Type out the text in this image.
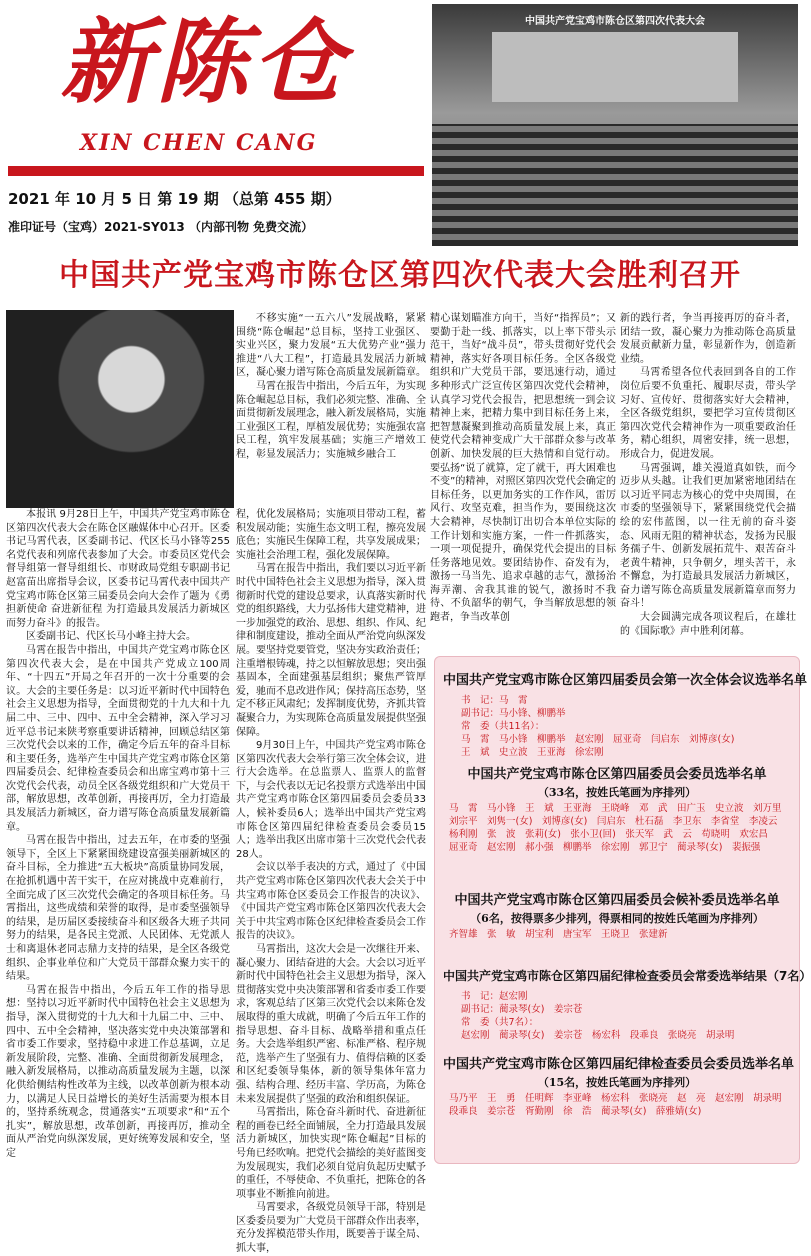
新陈仓
XIN CHEN CANG
2021 年 10 月 5 日 第 19 期 （总第 455 期）
准印证号（宝鸡）2021-SY013 （内部刊物 免费交流）
中国共产党宝鸡市陈仓区第四次代表大会
中国共产党宝鸡市陈仓区第四次代表大会胜利召开

本报讯 9月28日上午，中国共产党宝鸡市陈仓区第四次代表大会在陈仓区融媒体中心召开。区委书记马霄代表，区委副书记、代区长马小锋等255名党代表和列席代表参加了大会。市委员区党代会督导组第一督导组组长、市财政局党组专职副书记赵富苗出席指导会议，区委书记马霄代表中国共产党宝鸡市陈仓区第三届委员会向大会作了题为《勇担新使命 奋进新征程 为打造最具发展活力新城区而努力奋斗》的报告。

区委副书记、代区长马小峰主持大会。

马霄在报告中指出，中国共产党宝鸡市陈仓区第四次代表大会，是在中国共产党成立100周年、“十四五”开局之年召开的一次十分重要的会议。大会的主要任务是：以习近平新时代中国特色社会主义思想为指导，全面贯彻党的十九大和十九届二中、三中、四中、五中全会精神，深入学习习近平总书记来陕考察重要讲话精神，回顾总结区第三次党代会以来的工作，确定今后五年的奋斗目标和主要任务，选举产生中国共产党宝鸡市陈仓区第四届委员会、纪律检查委员会和出席宝鸡市第十三次党代会代表，动员全区各级党组织和广大党员干部，解放思想，改革创新，再接再厉，全力打造最具发展活力新城区，奋力谱写陈仓高质量发展新篇章。

马霄在报告中指出，过去五年，在市委的坚强领导下，全区上下紧紧围绕建设富强美丽新城区的奋斗目标，全力推进“五大板块”高质量协同发展，在抢抓机遇中苦干实干，在应对挑战中克难前行，全面完成了区三次党代会确定的各项目标任务。马霄指出，这些成绩和荣誉的取得，是市委坚强领导的结果，是历届区委接续奋斗和区级各大班子共同努力的结果，是各民主党派、人民团体、无党派人士和离退休老同志鼎力支持的结果，是全区各级党组织、企事业单位和广大党员干部群众聚力实干的结果。

马霄在报告中指出，今后五年工作的指导思想：坚持以习近平新时代中国特色社会主义思想为指导，深入贯彻党的十九大和十九届二中、三中、四中、五中全会精神，坚决落实党中央决策部署和省市委工作要求，坚持稳中求进工作总基调，立足新发展阶段，完整、准确、全面贯彻新发展理念，融入新发展格局，以推动高质量发展为主题，以深化供给侧结构性改革为主线，以改革创新为根本动力，以满足人民日益增长的美好生活需要为根本目的，坚持系统观念，贯通落实“五项要求”和“五个扎实”，解放思想，改革创新，再接再厉，推动全面从严治党向纵深发展，更好统筹发展和安全，坚定

不移实施“一五六八”发展战略，紧紧围绕“陈仓崛起”总目标，坚持工业强区、实业兴区，聚力发展“五大优势产业”强力推进“八大工程”，打造最具发展活力新城区，凝心聚力谱写陈仓高质量发展新篇章。

马霄在报告中指出，今后五年，为实现陈仓崛起总目标，我们必须完整、准确、全面贯彻新发展理念，融入新发展格局，实施工业强区工程，厚植发展优势；实施强农富民工程，筑牢发展基础；实施三产增效工程，彰显发展活力；实施城乡融合工

程，优化发展格局；实施项目带动工程，蓄积发展动能；实施生态文明工程，擦亮发展底色；实施民生保障工程，共享发展成果；实施社会治理工程，强化发展保障。

马霄在报告中指出，我们要以习近平新时代中国特色社会主义思想为指导，深入贯彻新时代党的建设总要求，认真落实新时代党的组织路线，大力弘扬伟大建党精神，进一步加强党的政治、思想、组织、作风、纪律和制度建设，推动全面从严治党向纵深发展。要坚持党要管党，坚决夯实政治责任；注重增根铸魂，持之以恒解放思想；突出强基固本，全面建强基层组织；聚焦严管厚爱，驰而不息改进作风；保持高压态势，坚定不移正风肃纪；发挥制度优势，齐抓共管凝聚合力，为实现陈仓高质量发展提供坚强保障。

9月30日上午，中国共产党宝鸡市陈仓区第四次代表大会举行第三次全体会议，进行大会选举。在总监票人、监票人的监督下，与会代表以无记名投票方式选举出中国共产党宝鸡市陈仓区第四届委员会委员33人，候补委员6人；选举出中国共产党宝鸡市陈仓区第四届纪律检查委员会委员15人；选举出我区出席市第十三次党代会代表28人。

会议以举手表决的方式，通过了《中国共产党宝鸡市陈仓区第四次代表大会关于中共宝鸡市陈仓区委员会工作报告的决议》、《中国共产党宝鸡市陈仓区第四次代表大会关于中共宝鸡市陈仓区纪律检查委员会工作报告的决议》。

马霄指出，这次大会是一次继往开来、凝心聚力、团结奋进的大会。大会以习近平新时代中国特色社会主义思想为指导，深入贯彻落实党中央决策部署和省委市委工作要求，客观总结了区第三次党代会以来陈仓发展取得的重大成就，明确了今后五年工作的指导思想、奋斗目标、战略举措和重点任务。大会选举组织严密、标准严格、程序规范，选举产生了坚强有力、值得信赖的区委和区纪委领导集体，新的领导集体年富力强、结构合理、经历丰富、学历高，为陈仓未来发展提供了坚强的政治和组织保证。

马霄指出，陈仓奋斗新时代、奋进新征程的画卷已经全面铺展，全力打造最具发展活力新城区，加快实现“陈仓崛起”目标的号角已经吹响。把党代会描绘的美好蓝图变为发展现实，我们必须自觉肩负起历史赋予的重任，不辱使命、不负重托，把陈仓的各项事业不断推向前进。

马霄要求，各级党员领导干部，特别是区委委员要为广大党员干部群众作出表率，充分发挥模范带头作用，既要善于谋全局、抓大事，

精心谋划瞄准方向干，当好“指挥员”；又要勤于赴一线、抓落实，以上率下带头示范干，当好“战斗员”，带头贯彻好党代会精神，落实好各项目标任务。全区各级党组织和广大党员干部，要迅速行动，通过多种形式广泛宣传区第四次党代会精神，认真学习党代会报告，把思想统一到会议精神上来，把精力集中到目标任务上来，把智慧凝聚到推动高质量发展上来，真正使党代会精神变成广大干部群众参与改革创新、加快发展的巨大热情和自觉行动。要弘扬“说了就算，定了就干，再大困难也不变”的精神，对照区第四次党代会确定的目标任务，以更加务实的工作作风，雷厉风行、攻坚克难，担当作为，要围绕这次大会精神，尽快制订出切合本单位实际的工作计划和实施方案，一件一件抓落实，一项一项促提升，确保党代会提出的目标任务落地见效。要团结协作、奋发有为，激扬一马当先、追求卓越的志气，激扬治海弄潮、舍我其谁的锐气，激扬时不我待、不负韶华的朝气，争当解放思想的领跑者，争当改革创

新的践行者，争当再接再厉的奋斗者，团结一致，凝心聚力为推动陈仓高质量发展贡献新力量，彰显新作为，创造新业绩。

马霄希望各位代表回到各自的工作岗位后要不负重托、履职尽责，带头学习好、宣传好、贯彻落实好大会精神，全区各级党组织，要把学习宣传贯彻区第四次党代会精神作为一项重要政治任务，精心组织，周密安排，统一思想，形成合力，促进发展。

马霄强调，雄关漫道真如铁，而今迈步从头越。让我们更加紧密地团结在以习近平同志为核心的党中央周围，在市委的坚强领导下，紧紧围绕党代会描绘的宏伟蓝图，以一往无前的奋斗姿态、风雨无阻的精神状态，发扬为民服务孺子牛、创新发展拓荒牛、艰苦奋斗老黄牛精神，只争朝夕，埋头苦干，永不懈怠，为打造最具发展活力新城区，奋力谱写陈仓高质量发展新篇章而努力奋斗！

大会圆满完成各项议程后，在雄壮的《国际歌》声中胜利闭幕。

中国共产党宝鸡市陈仓区第四届委员会第一次全体会议选举名单
书　记：马　霄
副书记：马小锋、柳鹏举
常　委（共11名）：
马　霄　马小锋　柳鹏举　赵宏刚　屈亚奇　闫启东　刘博彦(女)
王　斌　史立波　王亚海　徐宏刚
中国共产党宝鸡市陈仓区第四届委员会委员选举名单
（33名，按姓氏笔画为序排列）
马　霄　马小锋　王　斌　王亚海　王晓峰　邓　武　田广玉　史立波　刘万里　刘宗平　刘隽一(女)　刘博彦(女)　闫启东　杜石磊　李卫东　李省堂　李凌云　杨利刚　张　波　张莉(女)　张小卫(回)　张天军　武　云　苟晓明　欢宏昌　屈亚奇　赵宏刚　郝小强　柳鹏举　徐宏刚　郭卫宁　蔺录琴(女)　裴振强
中国共产党宝鸡市陈仓区第四届委员会候补委员选举名单
（6名，按得票多少排列，得票相同的按姓氏笔画为序排列）
齐智雄　张　敏　胡宝利　唐宝军　王晓卫　张建新
中国共产党宝鸡市陈仓区第四届纪律检查委员会常委选举结果（7名）
书　记：赵宏刚
副书记：蔺录琴(女)　姜宗苍
常　委（共7名）：
赵宏刚　蔺录琴(女)　姜宗苍　杨宏科　段乖良　张晓亮　胡录明
中国共产党宝鸡市陈仓区第四届纪律检查委员会委员选举名单
（15名，按姓氏笔画为序排列）
马乃平　王　勇　任明辉　李亚峰　杨宏科　张晓亮　赵　亮　赵宏刚　胡录明　段乖良　姜宗苍　胥勤刚　徐　浩　蔺录琴(女)　薛雅婧(女)
